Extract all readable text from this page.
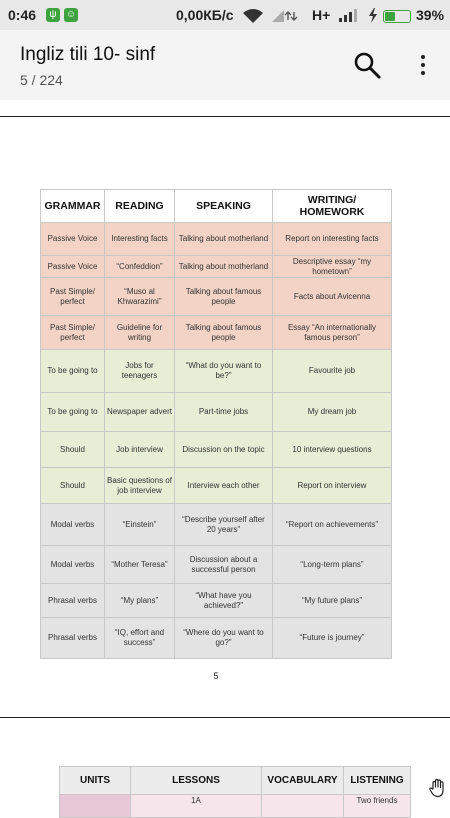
0:46	ψ ☺	0,00КБ/с	H+	39%
Ingliz tili 10- sinf
5 / 224
GRAMMAR	READING	SPEAKING	WRITING/ HOMEWORK
Passive Voice	Interesting facts	Talking about motherland	Report on interesting facts
Passive Voice	“Confeddion”	Talking about motherland	Descriptive essay “my hometown”
Past Simple/ perfect	“Muso al Khwarazimi”	Talking about famous people	Facts about Avicenna
Past Simple/ perfect	Guideline for writing	Talking about famous people	Essay “An internationally famous person”
To be going to	Jobs for teenagers	“What do you want to be?”	Favourite job
To be going to	Newspaper advert	Part-time jobs	My dream job
Should	Job interview	Discussion on the topic	10 interview questions
Should	Basic questions of job interview	Interview each other	Report on interview
Modal verbs	“Einstein”	“Describe yourself after 20 years”	“Report on achievements”
Modal verbs	“Mother Teresa”	Discussion about a successful person	“Long-term plans”
Phrasal verbs	“My plans”	“What have you achieved?”	“My future plans”
Phrasal verbs	“IQ, effort and success”	“Where do you want to go?”	“Future is journey”
5
UNITS	LESSONS	VOCABULARY	LISTENING
	1A		Two friends
